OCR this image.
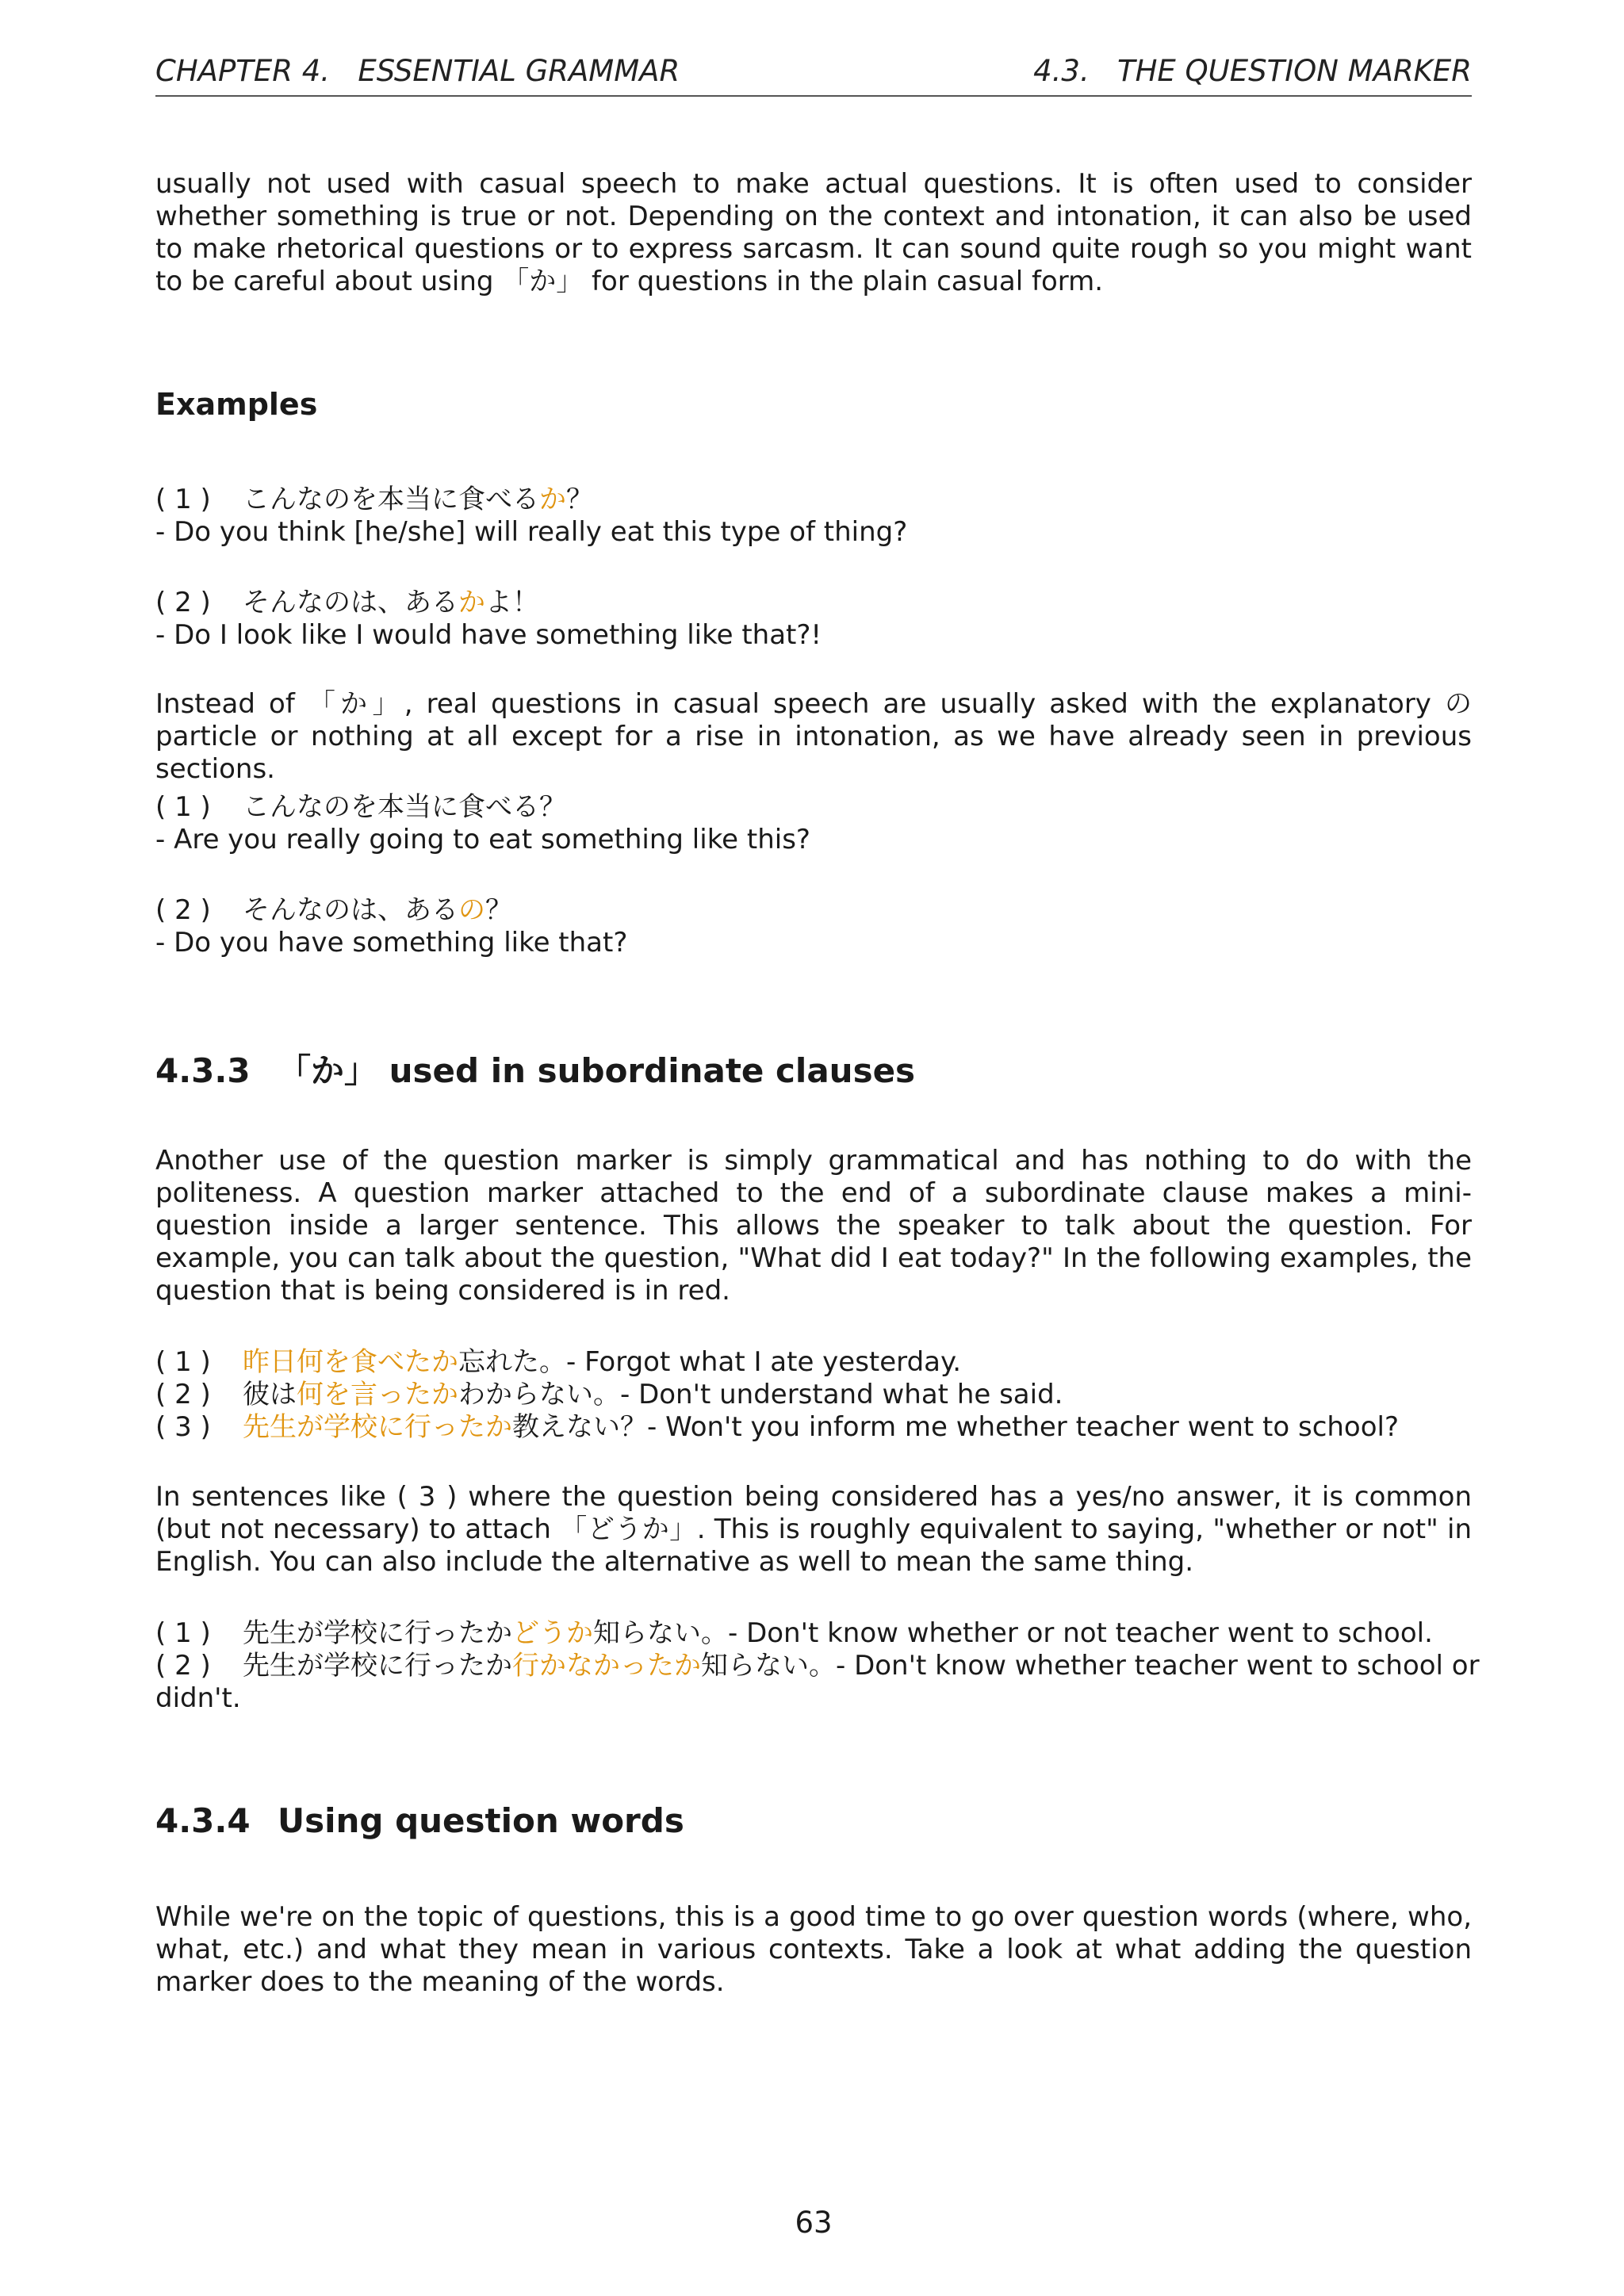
CHAPTER 4.   ESSENTIAL GRAMMAR	4.3.   THE QUESTION MARKER
usually not used with casual speech to make actual questions. It is often used to consider whether something is true or not. Depending on the context and intonation, it can also be used to make rhetorical questions or to express sarcasm. It can sound quite rough so you might want to be careful about using 「か」 for questions in the plain casual form.
Examples
( 1 ) こんなのを本当に食べるか？
- Do you think [he/she] will really eat this type of thing?
( 2 ) そんなのは、あるかよ！
- Do I look like I would have something like that?!
Instead of 「か」, real questions in casual speech are usually asked with the explanatory の particle or nothing at all except for a rise in intonation, as we have already seen in previous sections.
( 1 ) こんなのを本当に食べる？
- Are you really going to eat something like this?
( 2 ) そんなのは、あるの？
- Do you have something like that?
4.3.3 「か」 used in subordinate clauses
Another use of the question marker is simply grammatical and has nothing to do with the politeness. A question marker attached to the end of a subordinate clause makes a mini-question inside a larger sentence. This allows the speaker to talk about the question. For example, you can talk about the question, "What did I eat today?" In the following examples, the question that is being considered is in red.
( 1 ) 昨日何を食べたか忘れた。- Forgot what I ate yesterday.
( 2 ) 彼は何を言ったかわからない。- Don't understand what he said.
( 3 ) 先生が学校に行ったか教えない？- Won't you inform me whether teacher went to school?
In sentences like ( 3 ) where the question being considered has a yes/no answer, it is common (but not necessary) to attach 「どうか」. This is roughly equivalent to saying, "whether or not" in English. You can also include the alternative as well to mean the same thing.
( 1 ) 先生が学校に行ったかどうか知らない。- Don't know whether or not teacher went to school.
( 2 ) 先生が学校に行ったか行かなかったか知らない。- Don't know whether teacher went to school or
didn't.
4.3.4 Using question words
While we're on the topic of questions, this is a good time to go over question words (where, who, what, etc.) and what they mean in various contexts. Take a look at what adding the question marker does to the meaning of the words.
63
